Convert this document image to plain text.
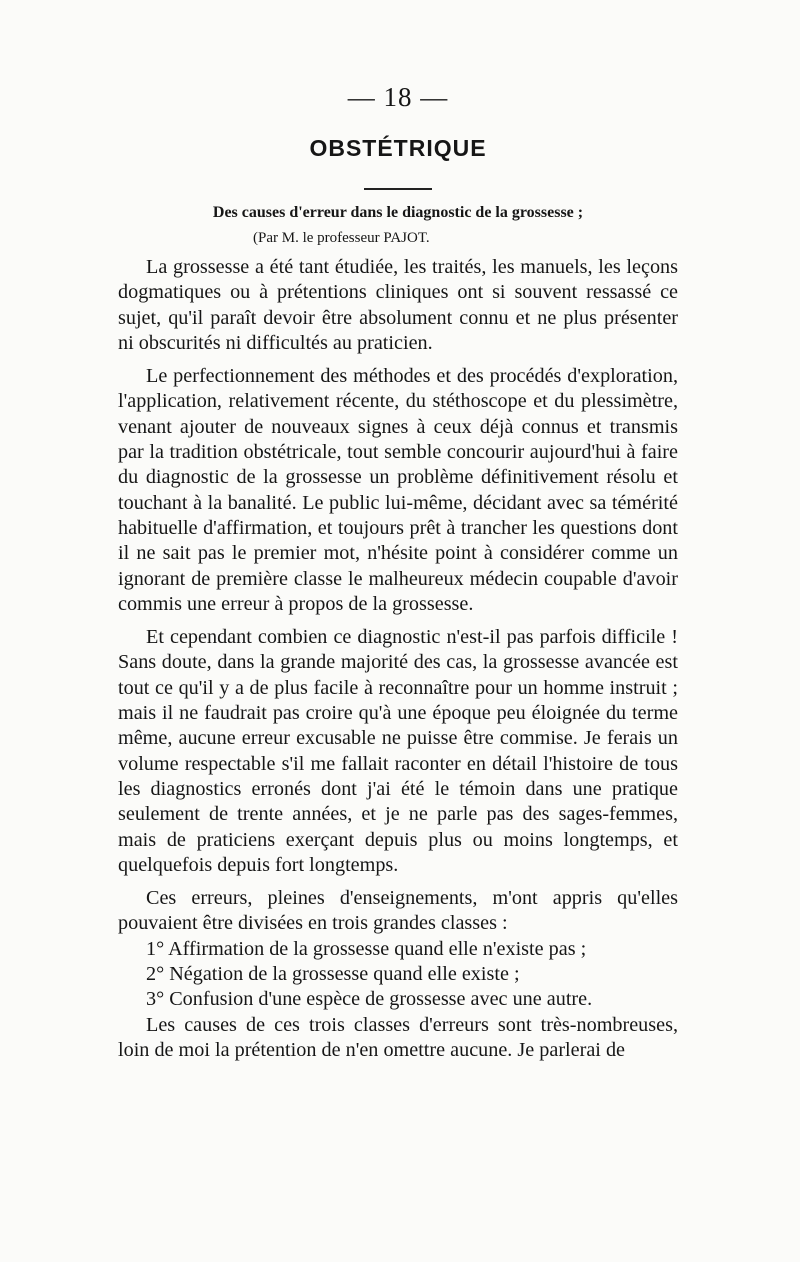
— 18 —
OBSTÉTRIQUE

Des causes d'erreur dans le diagnostic de la grossesse ;

(Par M. le professeur PAJOT.

La grossesse a été tant étudiée, les traités, les manuels, les leçons dogmatiques ou à prétentions cliniques ont si souvent ressassé ce sujet, qu'il paraît devoir être absolument connu et ne plus présenter ni obscurités ni difficultés au praticien.

Le perfectionnement des méthodes et des procédés d'exploration, l'application, relativement récente, du stéthoscope et du plessimètre, venant ajouter de nouveaux signes à ceux déjà connus et transmis par la tradition obstétricale, tout semble concourir aujourd'hui à faire du diagnostic de la grossesse un problème définitivement résolu et touchant à la banalité. Le public lui-même, décidant avec sa témérité habituelle d'affirmation, et toujours prêt à trancher les questions dont il ne sait pas le premier mot, n'hésite point à considérer comme un ignorant de première classe le malheureux médecin coupable d'avoir commis une erreur à propos de la grossesse.

Et cependant combien ce diagnostic n'est-il pas parfois difficile ! Sans doute, dans la grande majorité des cas, la grossesse avancée est tout ce qu'il y a de plus facile à reconnaître pour un homme instruit ; mais il ne faudrait pas croire qu'à une époque peu éloignée du terme même, aucune erreur excusable ne puisse être commise. Je ferais un volume respectable s'il me fallait raconter en détail l'histoire de tous les diagnostics erronés dont j'ai été le témoin dans une pratique seulement de trente années, et je ne parle pas des sages-femmes, mais de praticiens exerçant depuis plus ou moins longtemps, et quelquefois depuis fort longtemps.

Ces erreurs, pleines d'enseignements, m'ont appris qu'elles pouvaient être divisées en trois grandes classes :

1° Affirmation de la grossesse quand elle n'existe pas ;
2° Négation de la grossesse quand elle existe ;
3° Confusion d'une espèce de grossesse avec une autre.

Les causes de ces trois classes d'erreurs sont très-nombreuses, loin de moi la prétention de n'en omettre aucune. Je parlerai de
